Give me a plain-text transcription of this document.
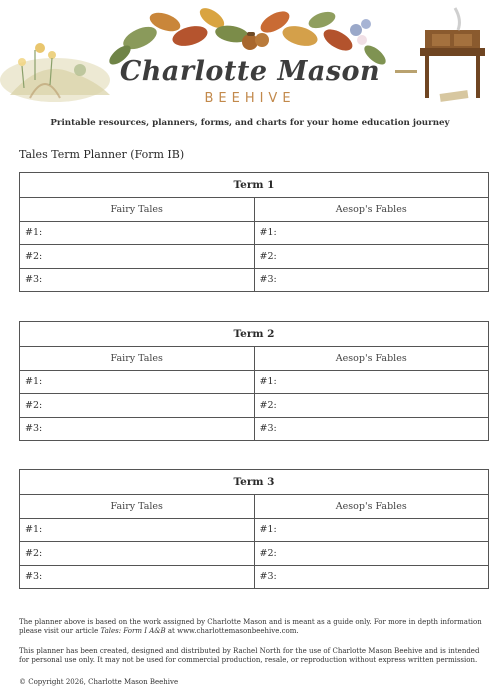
Charlotte Mason
BEEHIVE
Printable resources, planners, forms, and charts for your home education journey
Tales Term Planner (Form IB)
Term 1	
Fairy Tales	Aesop's Fables
#1:	#1:
#2:	#2:
#3:	#3:
Term 2	
Fairy Tales	Aesop's Fables
#1:	#1:
#2:	#2:
#3:	#3:
Term 3	
Fairy Tales	Aesop's Fables
#1:	#1:
#2:	#2:
#3:	#3:
The planner above is based on the work assigned by Charlotte Mason and is meant as a guide only. For more in depth information please visit our article Tales: Form I A&B at www.charlottemasonbeehive.com.
This planner has been created, designed and distributed by Rachel North for the use of Charlotte Mason Beehive and is intended for personal use only. It may not be used for commercial production, resale, or reproduction without express written permission.
© Copyright 2026, Charlotte Mason Beehive
